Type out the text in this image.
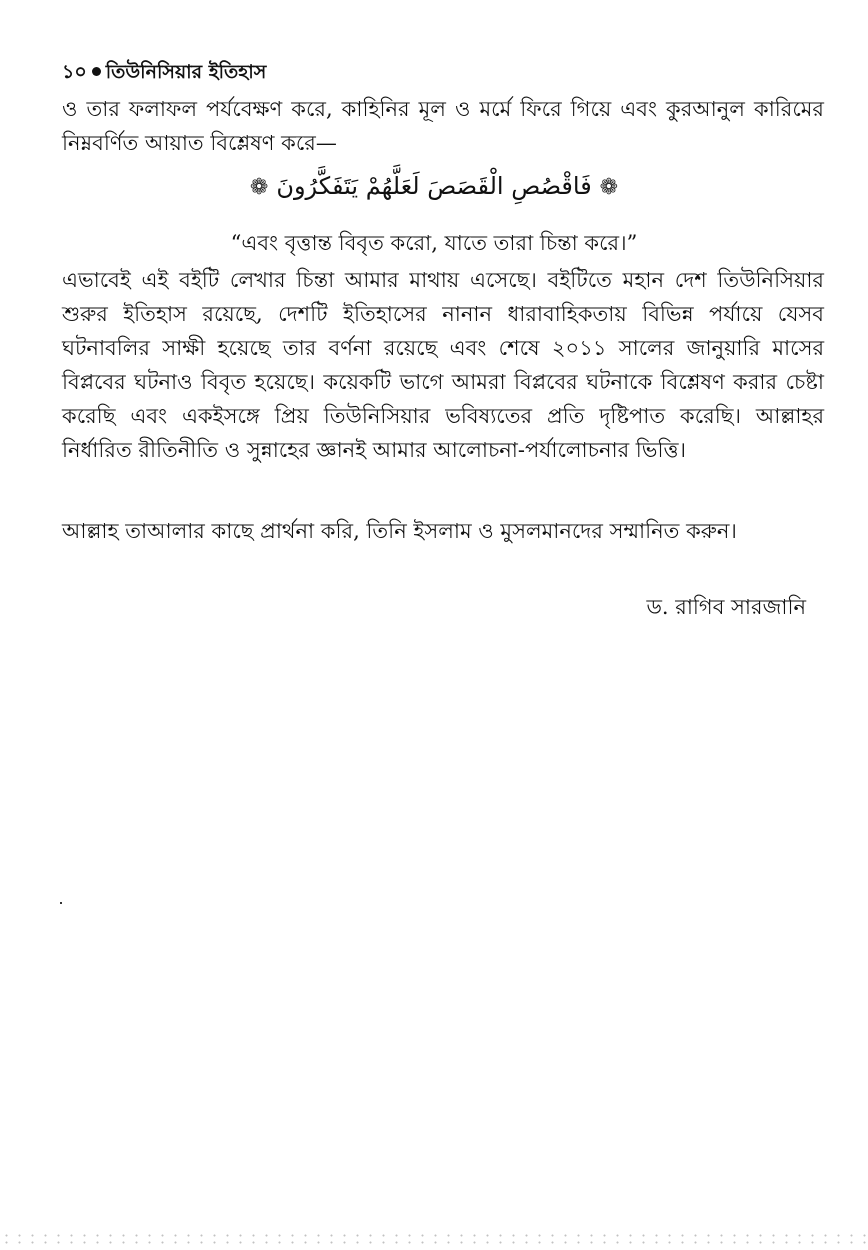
১০ তিউনিসিয়ার ইতিহাস
ও তার ফলাফল পর্যবেক্ষণ করে, কাহিনির মূল ও মর্মে ফিরে গিয়ে এবং কুরআনুল কারিমের নিম্নবর্ণিত আয়াত বিশ্লেষণ করে—
❁فَاقْصُصِ الْقَصَصَ لَعَلَّهُمْ يَتَفَكَّرُونَ❁
“এবং বৃত্তান্ত বিবৃত করো, যাতে তারা চিন্তা করে।”
এভাবেই এই বইটি লেখার চিন্তা আমার মাথায় এসেছে। বইটিতে মহান দেশ তিউনিসিয়ার শুরুর ইতিহাস রয়েছে, দেশটি ইতিহাসের নানান ধারাবাহিকতায় বিভিন্ন পর্যায়ে যেসব ঘটনাবলির সাক্ষী হয়েছে তার বর্ণনা রয়েছে এবং শেষে ২০১১ সালের জানুয়ারি মাসের বিপ্লবের ঘটনাও বিবৃত হয়েছে। কয়েকটি ভাগে আমরা বিপ্লবের ঘটনাকে বিশ্লেষণ করার চেষ্টা করেছি এবং একইসঙ্গে প্রিয় তিউনিসিয়ার ভবিষ্যতের প্রতি দৃষ্টিপাত করেছি। আল্লাহর নির্ধারিত রীতিনীতি ও সুন্নাহের জ্ঞানই আমার আলোচনা-পর্যালোচনার ভিত্তি।
আল্লাহ তাআলার কাছে প্রার্থনা করি, তিনি ইসলাম ও মুসলমানদের সম্মানিত করুন।
ড. রাগিব সারজানি
